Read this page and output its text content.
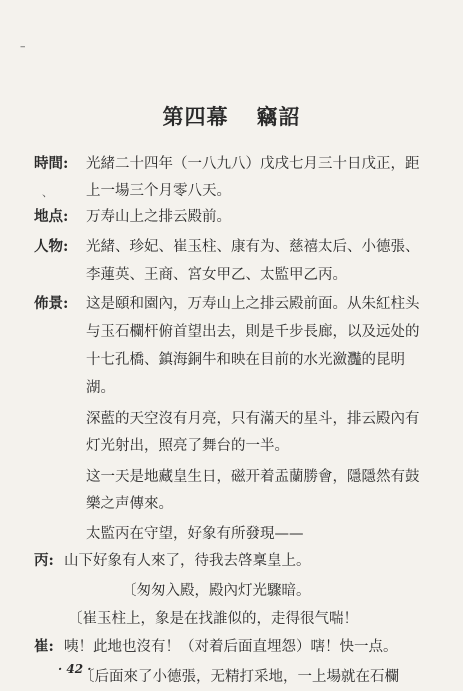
–
第四幕 竊詔
時間: 光緒二十四年（一八九八）戊戌七月三十日戊正，距
上一場三个月零八天。
、
地点: 万寿山上之排云殿前。
人物: 光緒、珍妃、崔玉柱、康有为、慈禧太后、小德張、
李蓮英、王商、宮女甲乙、太監甲乙丙。
佈景: 这是頤和園內，万寿山上之排云殿前面。从朱紅柱头
与玉石欄杆俯首望出去，則是千步長廊，以及远处的
十七孔橋、鎮海銅牛和映在目前的水光瀲灩的昆明
湖。
深藍的天空沒有月亮，只有滿天的星斗，排云殿內有
灯光射出，照亮了舞台的一半。
这一天是地藏皇生日，磁开着盂蘭勝會，隱隱然有鼓
樂之声傳來。
太監丙在守望，好象有所發現——
丙: 山下好象有人來了，待我去啓稟皇上。
〔匆匆入殿，殿內灯光驟暗。
〔崔玉柱上，象是在找誰似的，走得很气喘！
崔: 咦！此地也沒有！（对着后面直埋怨）嗐！快一点。
〔后面來了小德張，无精打采地，一上場就在石欄
· 42 ·
